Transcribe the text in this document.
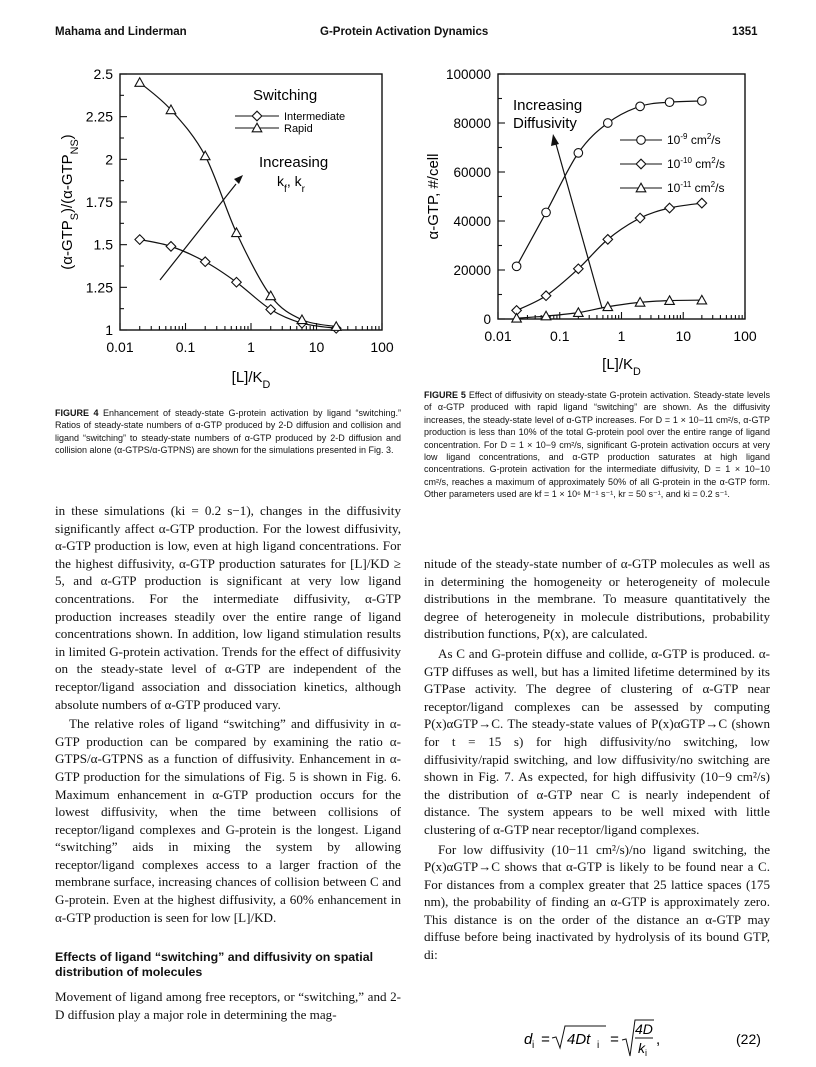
Mahama and Linderman	G-Protein Activation Dynamics	1351
1
1.25
1.5
1.75
2
2.25
2.5
0.01	0.1	1	10	100
$[L]/K_D$
$(\alpha-GTP_S)/(\alpha-GTP_{NS})$
Switching
Intermediate
Rapid
Increasing
$k_f$, $k_r$
0
20000
40000
60000
80000
100000
0.01	0.1	1	10	100
$[L]/K_D$
α-GTP, #/cell
$10^{-9}$ $cm^2/s$
$10^{-10}$ $cm^2/s$
$10^{-11}$ $cm^2/s$
Increasing
Diffusivity
FIGURE 4 Enhancement of steady-state G-protein activation by ligand “switching.” Ratios of steady-state numbers of α-GTP produced by 2-D diffusion and collision and ligand “switching” to steady-state numbers of α-GTP produced by 2-D diffusion and collision alone (α-GTPS/α-GTPNS) are shown for the simulations presented in Fig. 3.
FIGURE 5 Effect of diffusivity on steady-state G-protein activation. Steady-state levels of α-GTP produced with rapid ligand “switching” are shown. As the diffusivity increases, the steady-state level of α-GTP increases. For D = 1 × 10−11 cm²/s, α-GTP production is less than 10% of the total G-protein pool over the entire range of ligand concentration. For D = 1 × 10−9 cm²/s, significant G-protein activation occurs at very low ligand concentrations, and α-GTP production saturates at high ligand concentrations. G-protein activation for the intermediate diffusivity, D = 1 × 10−10 cm²/s, reaches a maximum of approximately 50% of all G-protein in the α-GTP form. Other parameters used are kf = 1 × 10⁶ M⁻¹ s⁻¹, kr = 50 s⁻¹, and ki = 0.2 s⁻¹.

in these simulations (ki = 0.2 s−1), changes in the diffusivity significantly affect α-GTP production. For the lowest diffusivity, α-GTP production is low, even at high ligand concentrations. For the highest diffusivity, α-GTP production saturates for [L]/KD ≥ 5, and α-GTP production is significant at very low ligand concentrations. For the intermediate diffusivity, α-GTP production increases steadily over the entire range of ligand concentrations shown. In addition, low ligand stimulation results in limited G-protein activation. Trends for the effect of diffusivity on the steady-state level of α-GTP are independent of the receptor/ligand association and dissociation kinetics, although absolute numbers of α-GTP produced vary.

The relative roles of ligand “switching” and diffusivity in α-GTP production can be compared by examining the ratio α-GTPS/α-GTPNS as a function of diffusivity. Enhancement in α-GTP production for the simulations of Fig. 5 is shown in Fig. 6. Maximum enhancement in α-GTP production occurs for the lowest diffusivity, when the time between collisions of receptor/ligand complexes and G-protein is the longest. Ligand “switching” aids in mixing the system by allowing receptor/ligand complexes access to a larger fraction of the membrane surface, increasing chances of collision between C and G-protein. Even at the highest diffusivity, a 60% enhancement in α-GTP production is seen for low [L]/KD.

Effects of ligand “switching” and diffusivity on spatial distribution of molecules

Movement of ligand among free receptors, or “switching,” and 2-D diffusion play a major role in determining the mag-

nitude of the steady-state number of α-GTP molecules as well as in determining the homogeneity or heterogeneity of molecule distributions in the membrane. To measure quantitatively the degree of heterogeneity in molecule distributions, probability distribution functions, P(x), are calculated.

As C and G-protein diffuse and collide, α-GTP is produced. α-GTP diffuses as well, but has a limited lifetime determined by its GTPase activity. The degree of clustering of α-GTP near receptor/ligand complexes can be assessed by computing P(x)αGTP→C. The steady-state values of P(x)αGTP→C (shown for t = 15 s) for high diffusivity/no switching, low diffusivity/rapid switching, and low diffusivity/no switching are shown in Fig. 7. As expected, for high diffusivity (10−9 cm²/s) the distribution of α-GTP near C is nearly independent of distance. The system appears to be well mixed with little clustering of α-GTP near receptor/ligand complexes.

For low diffusivity (10−11 cm²/s)/no ligand switching, the P(x)αGTP→C shows that α-GTP is likely to be found near a C. For distances from a complex greater that 25 lattice spaces (175 nm), the probability of finding an α-GTP is approximately zero. This distance is on the order of the distance an α-GTP may diffuse before being inactivated by hydrolysis of its bound GTP, di:

d i = 4Dt i =
4D
k i
,	(22)
